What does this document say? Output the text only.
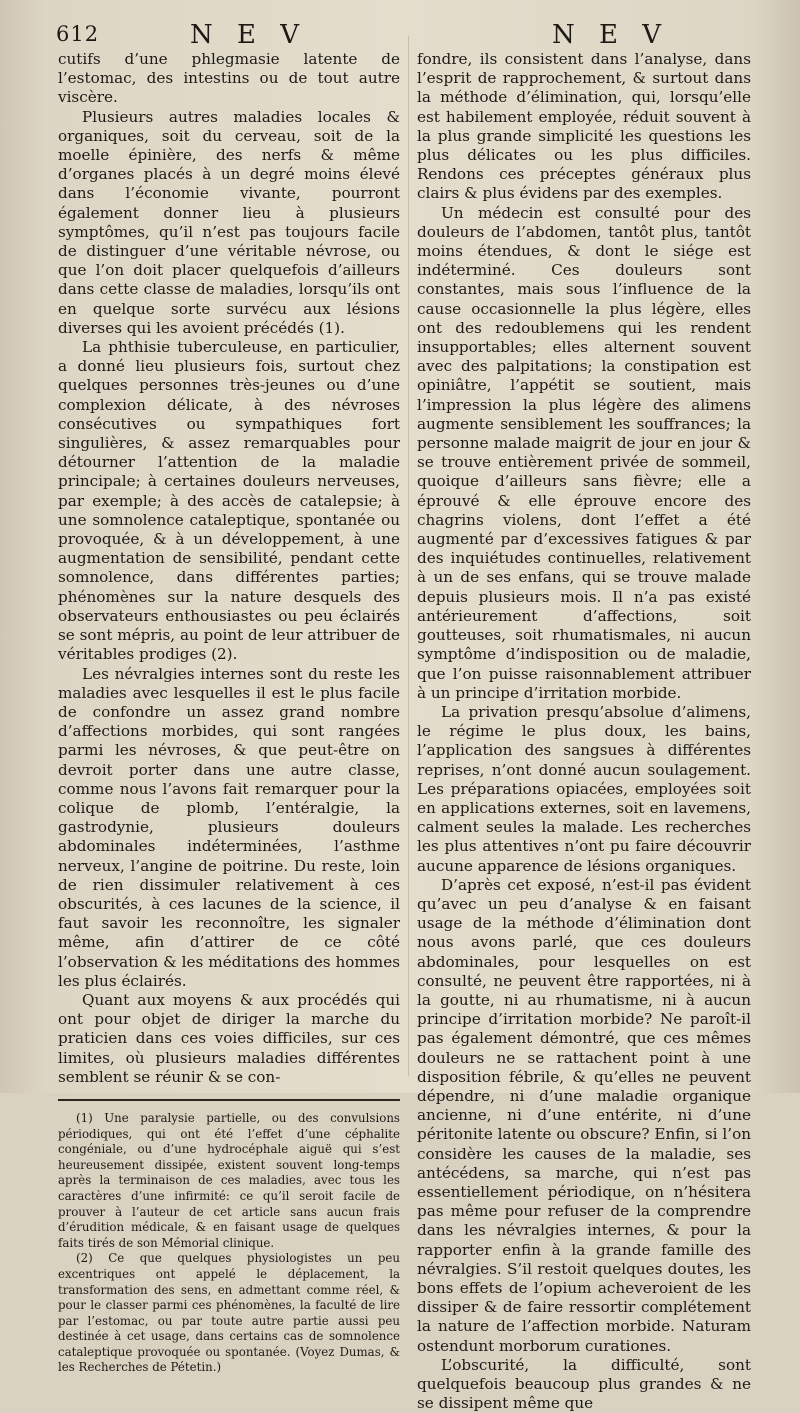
612	N E V	N E V

cutifs d’une phlegmasie latente de l’estomac, des intestins ou de tout autre viscère.

Plusieurs autres maladies locales & organiques, soit du cerveau, soit de la moelle épinière, des nerfs & même d’organes placés à un degré moins élevé dans l’économie vivante, pourront également donner lieu à plusieurs symptômes, qu’il n’est pas toujours facile de distinguer d’une véritable névrose, ou que l’on doit placer quelquefois d’ailleurs dans cette classe de maladies, lorsqu’ils ont en quelque sorte survécu aux lésions diverses qui les avoient précédés (1).

La phthisie tuberculeuse, en particulier, a donné lieu plusieurs fois, surtout chez quelques personnes très-jeunes ou d’une complexion délicate, à des névroses consécutives ou sympathiques fort singulières, & assez remarquables pour détourner l’attention de la maladie principale; à certaines douleurs nerveuses, par exemple; à des accès de catalepsie; à une somnolence cataleptique, spontanée ou provoquée, & à un développement, à une augmentation de sensibilité, pendant cette somnolence, dans différentes parties; phénomènes sur la nature desquels des observateurs enthousiastes ou peu éclairés se sont mépris, au point de leur attribuer de véritables prodiges (2).

Les névralgies internes sont du reste les maladies avec lesquelles il est le plus facile de confondre un assez grand nombre d’affections morbides, qui sont rangées parmi les névroses, & que peut-être on devroit porter dans une autre classe, comme nous l’avons fait remarquer pour la colique de plomb, l’entéralgie, la gastrodynie, plusieurs douleurs abdominales indéterminées, l’asthme nerveux, l’angine de poitrine. Du reste, loin de rien dissimuler relativement à ces obscurités, à ces lacunes de la science, il faut savoir les reconnoître, les signaler même, afin d’attirer de ce côté l’observation & les méditations des hommes les plus éclairés.

Quant aux moyens & aux procédés qui ont pour objet de diriger la marche du praticien dans ces voies difficiles, sur ces limites, où plusieurs maladies différentes semblent se réunir & se con-

(1) Une paralysie partielle, ou des convulsions périodiques, qui ont été l’effet d’une céphalite congéniale, ou d’une hydrocéphale aiguë qui s’est heureusement dissipée, existent souvent long-temps après la terminaison de ces maladies, avec tous les caractères d’une infirmité: ce qu’il seroit facile de prouver à l’auteur de cet article sans aucun frais d’érudition médicale, & en faisant usage de quelques faits tirés de son Mémorial clinique.

(2) Ce que quelques physiologistes un peu excentriques ont appelé le déplacement, la transformation des sens, en admettant comme réel, & pour le classer parmi ces phénomènes, la faculté de lire par l’estomac, ou par toute autre partie aussi peu destinée à cet usage, dans certains cas de somnolence cataleptique provoquée ou spontanée. (Voyez Dumas, & les Recherches de Pétetin.)

fondre, ils consistent dans l’analyse, dans l’esprit de rapprochement, & surtout dans la méthode d’élimination, qui, lorsqu’elle est habilement employée, réduit souvent à la plus grande simplicité les questions les plus délicates ou les plus difficiles. Rendons ces préceptes généraux plus clairs & plus évidens par des exemples.

Un médecin est consulté pour des douleurs de l’abdomen, tantôt plus, tantôt moins étendues, & dont le siége est indéterminé. Ces douleurs sont constantes, mais sous l’influence de la cause occasionnelle la plus légère, elles ont des redoublemens qui les rendent insupportables; elles alternent souvent avec des palpitations; la constipation est opiniâtre, l’appétit se soutient, mais l’impression la plus légère des alimens augmente sensiblement les souffrances; la personne malade maigrit de jour en jour & se trouve entièrement privée de sommeil, quoique d’ailleurs sans fièvre; elle a éprouvé & elle éprouve encore des chagrins violens, dont l’effet a été augmenté par d’excessives fatigues & par des inquiétudes continuelles, relativement à un de ses enfans, qui se trouve malade depuis plusieurs mois. Il n’a pas existé antérieurement d’affections, soit goutteuses, soit rhumatismales, ni aucun symptôme d’indisposition ou de maladie, que l’on puisse raisonnablement attribuer à un principe d’irritation morbide.

La privation presqu’absolue d’alimens, le régime le plus doux, les bains, l’application des sangsues à différentes reprises, n’ont donné aucun soulagement. Les préparations opiacées, employées soit en applications externes, soit en lavemens, calment seules la malade. Les recherches les plus attentives n’ont pu faire découvrir aucune apparence de lésions organiques.

D’après cet exposé, n’est-il pas évident qu’avec un peu d’analyse & en faisant usage de la méthode d’élimination dont nous avons parlé, que ces douleurs abdominales, pour lesquelles on est consulté, ne peuvent être rapportées, ni à la goutte, ni au rhumatisme, ni à aucun principe d’irritation morbide? Ne paroît-il pas également démontré, que ces mêmes douleurs ne se rattachent point à une disposition fébrile, & qu’elles ne peuvent dépendre, ni d’une maladie organique ancienne, ni d’une entérite, ni d’une péritonite latente ou obscure? Enfin, si l’on considère les causes de la maladie, ses antécédens, sa marche, qui n’est pas essentiellement périodique, on n’hésitera pas même pour refuser de la comprendre dans les névralgies internes, & pour la rapporter enfin à la grande famille des névralgies. S’il restoit quelques doutes, les bons effets de l’opium acheveroient de les dissiper & de faire ressortir complétement la nature de l’affection morbide. Naturam ostendunt morborum curationes.

L’obscurité, la difficulté, sont quelquefois beaucoup plus grandes & ne se dissipent même que
